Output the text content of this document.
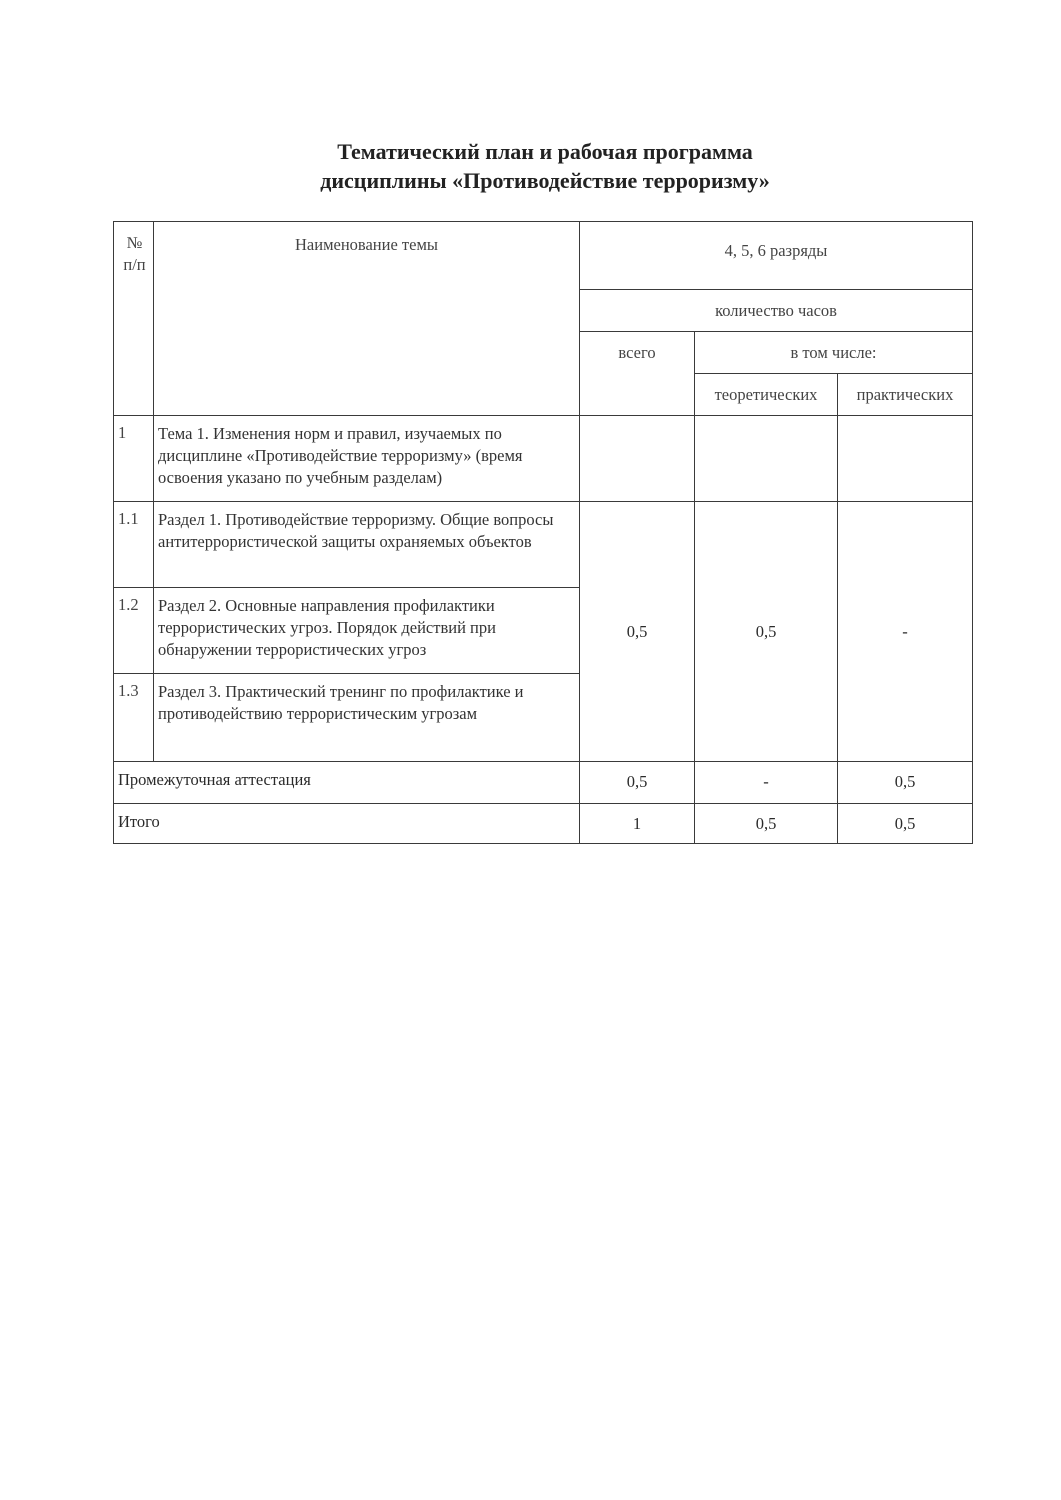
Тематический план и рабочая программа
дисциплины «Противодействие терроризму»
№ п/п	Наименование темы	4, 5, 6 разряды		
		количество часов		
		всего	в том числе:	
			теоретических	практических
1	Тема 1. Изменения норм и правил, изучаемых по дисциплине «Противодействие терроризму» (время освоения указано по учебным разделам)			
1.1	Раздел 1. Противодействие терроризму. Общие вопросы антитеррористической защиты охраняемых объектов	0,5	0,5	-
1.2	Раздел 2. Основные направления профилактики террористических угроз. Порядок действий при обнаружении террористических угроз			
1.3	Раздел 3. Практический тренинг по профилактике и противодействию террористическим угрозам			
Промежуточная аттестация		0,5	-	0,5
Итого		1	0,5	0,5
